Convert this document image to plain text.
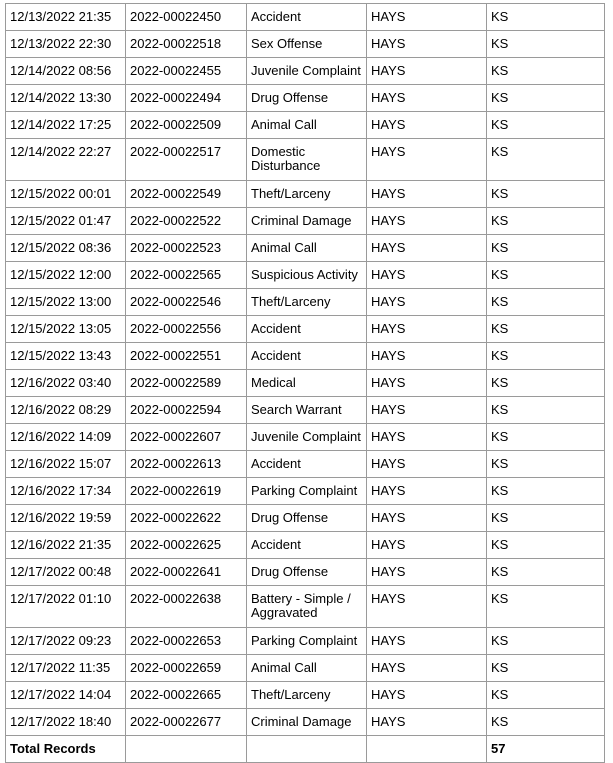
12/13/2022 21:35	2022-00022450	Accident	HAYS	KS
12/13/2022 22:30	2022-00022518	Sex Offense	HAYS	KS
12/14/2022 08:56	2022-00022455	Juvenile Complaint	HAYS	KS
12/14/2022 13:30	2022-00022494	Drug Offense	HAYS	KS
12/14/2022 17:25	2022-00022509	Animal Call	HAYS	KS
12/14/2022 22:27	2022-00022517	Domestic Disturbance	HAYS	KS
12/15/2022 00:01	2022-00022549	Theft/Larceny	HAYS	KS
12/15/2022 01:47	2022-00022522	Criminal Damage	HAYS	KS
12/15/2022 08:36	2022-00022523	Animal Call	HAYS	KS
12/15/2022 12:00	2022-00022565	Suspicious Activity	HAYS	KS
12/15/2022 13:00	2022-00022546	Theft/Larceny	HAYS	KS
12/15/2022 13:05	2022-00022556	Accident	HAYS	KS
12/15/2022 13:43	2022-00022551	Accident	HAYS	KS
12/16/2022 03:40	2022-00022589	Medical	HAYS	KS
12/16/2022 08:29	2022-00022594	Search Warrant	HAYS	KS
12/16/2022 14:09	2022-00022607	Juvenile Complaint	HAYS	KS
12/16/2022 15:07	2022-00022613	Accident	HAYS	KS
12/16/2022 17:34	2022-00022619	Parking Complaint	HAYS	KS
12/16/2022 19:59	2022-00022622	Drug Offense	HAYS	KS
12/16/2022 21:35	2022-00022625	Accident	HAYS	KS
12/17/2022 00:48	2022-00022641	Drug Offense	HAYS	KS
12/17/2022 01:10	2022-00022638	Battery - Simple / Aggravated	HAYS	KS
12/17/2022 09:23	2022-00022653	Parking Complaint	HAYS	KS
12/17/2022 11:35	2022-00022659	Animal Call	HAYS	KS
12/17/2022 14:04	2022-00022665	Theft/Larceny	HAYS	KS
12/17/2022 18:40	2022-00022677	Criminal Damage	HAYS	KS
Total Records				57
